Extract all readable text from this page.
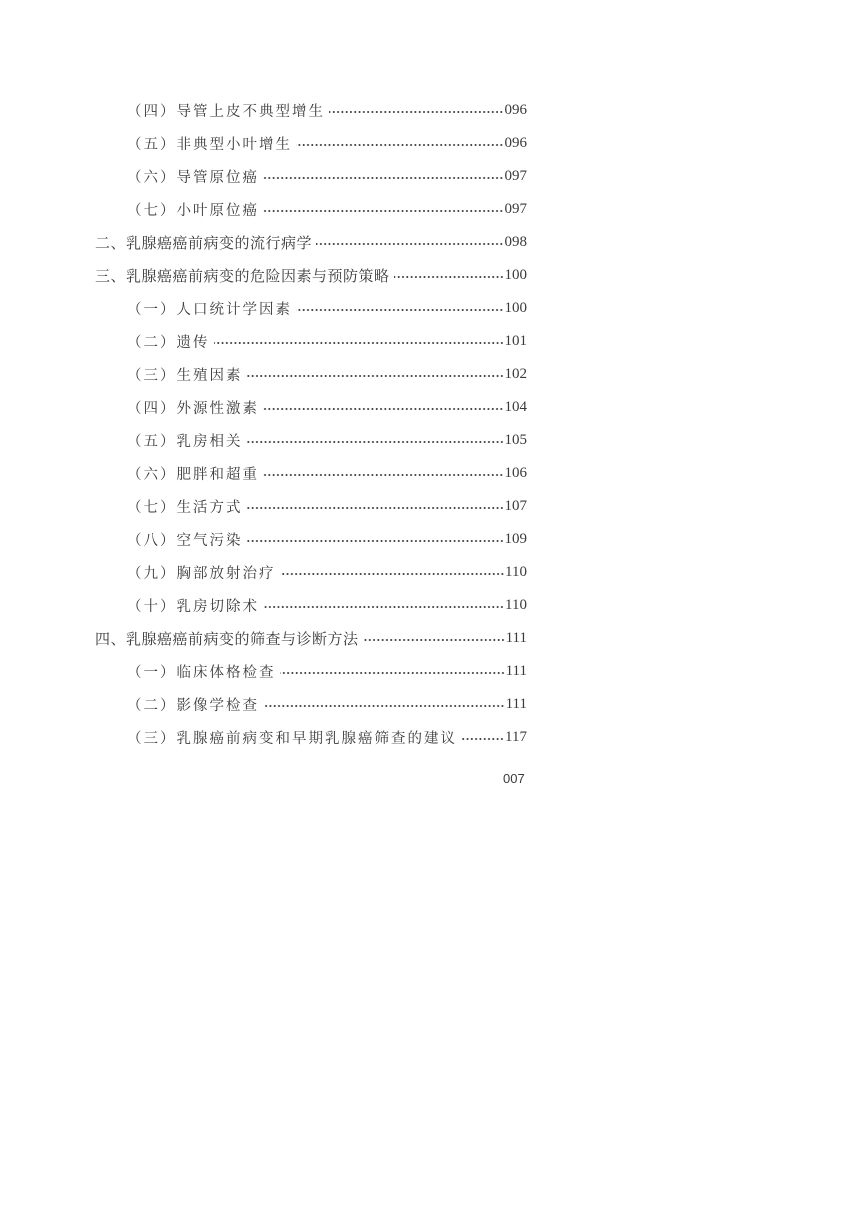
（四）导管上皮不典型增生	096
（五）非典型小叶增生	096
（六）导管原位癌	097
（七）小叶原位癌	097
二、乳腺癌癌前病变的流行病学	098
三、乳腺癌癌前病变的危险因素与预防策略	100
（一）人口统计学因素	100
（二）遗传	101
（三）生殖因素	102
（四）外源性激素	104
（五）乳房相关	105
（六）肥胖和超重	106
（七）生活方式	107
（八）空气污染	109
（九）胸部放射治疗	110
（十）乳房切除术	110
四、乳腺癌癌前病变的筛查与诊断方法	111
（一）临床体格检查	111
（二）影像学检查	111
（三）乳腺癌前病变和早期乳腺癌筛查的建议	117
007
